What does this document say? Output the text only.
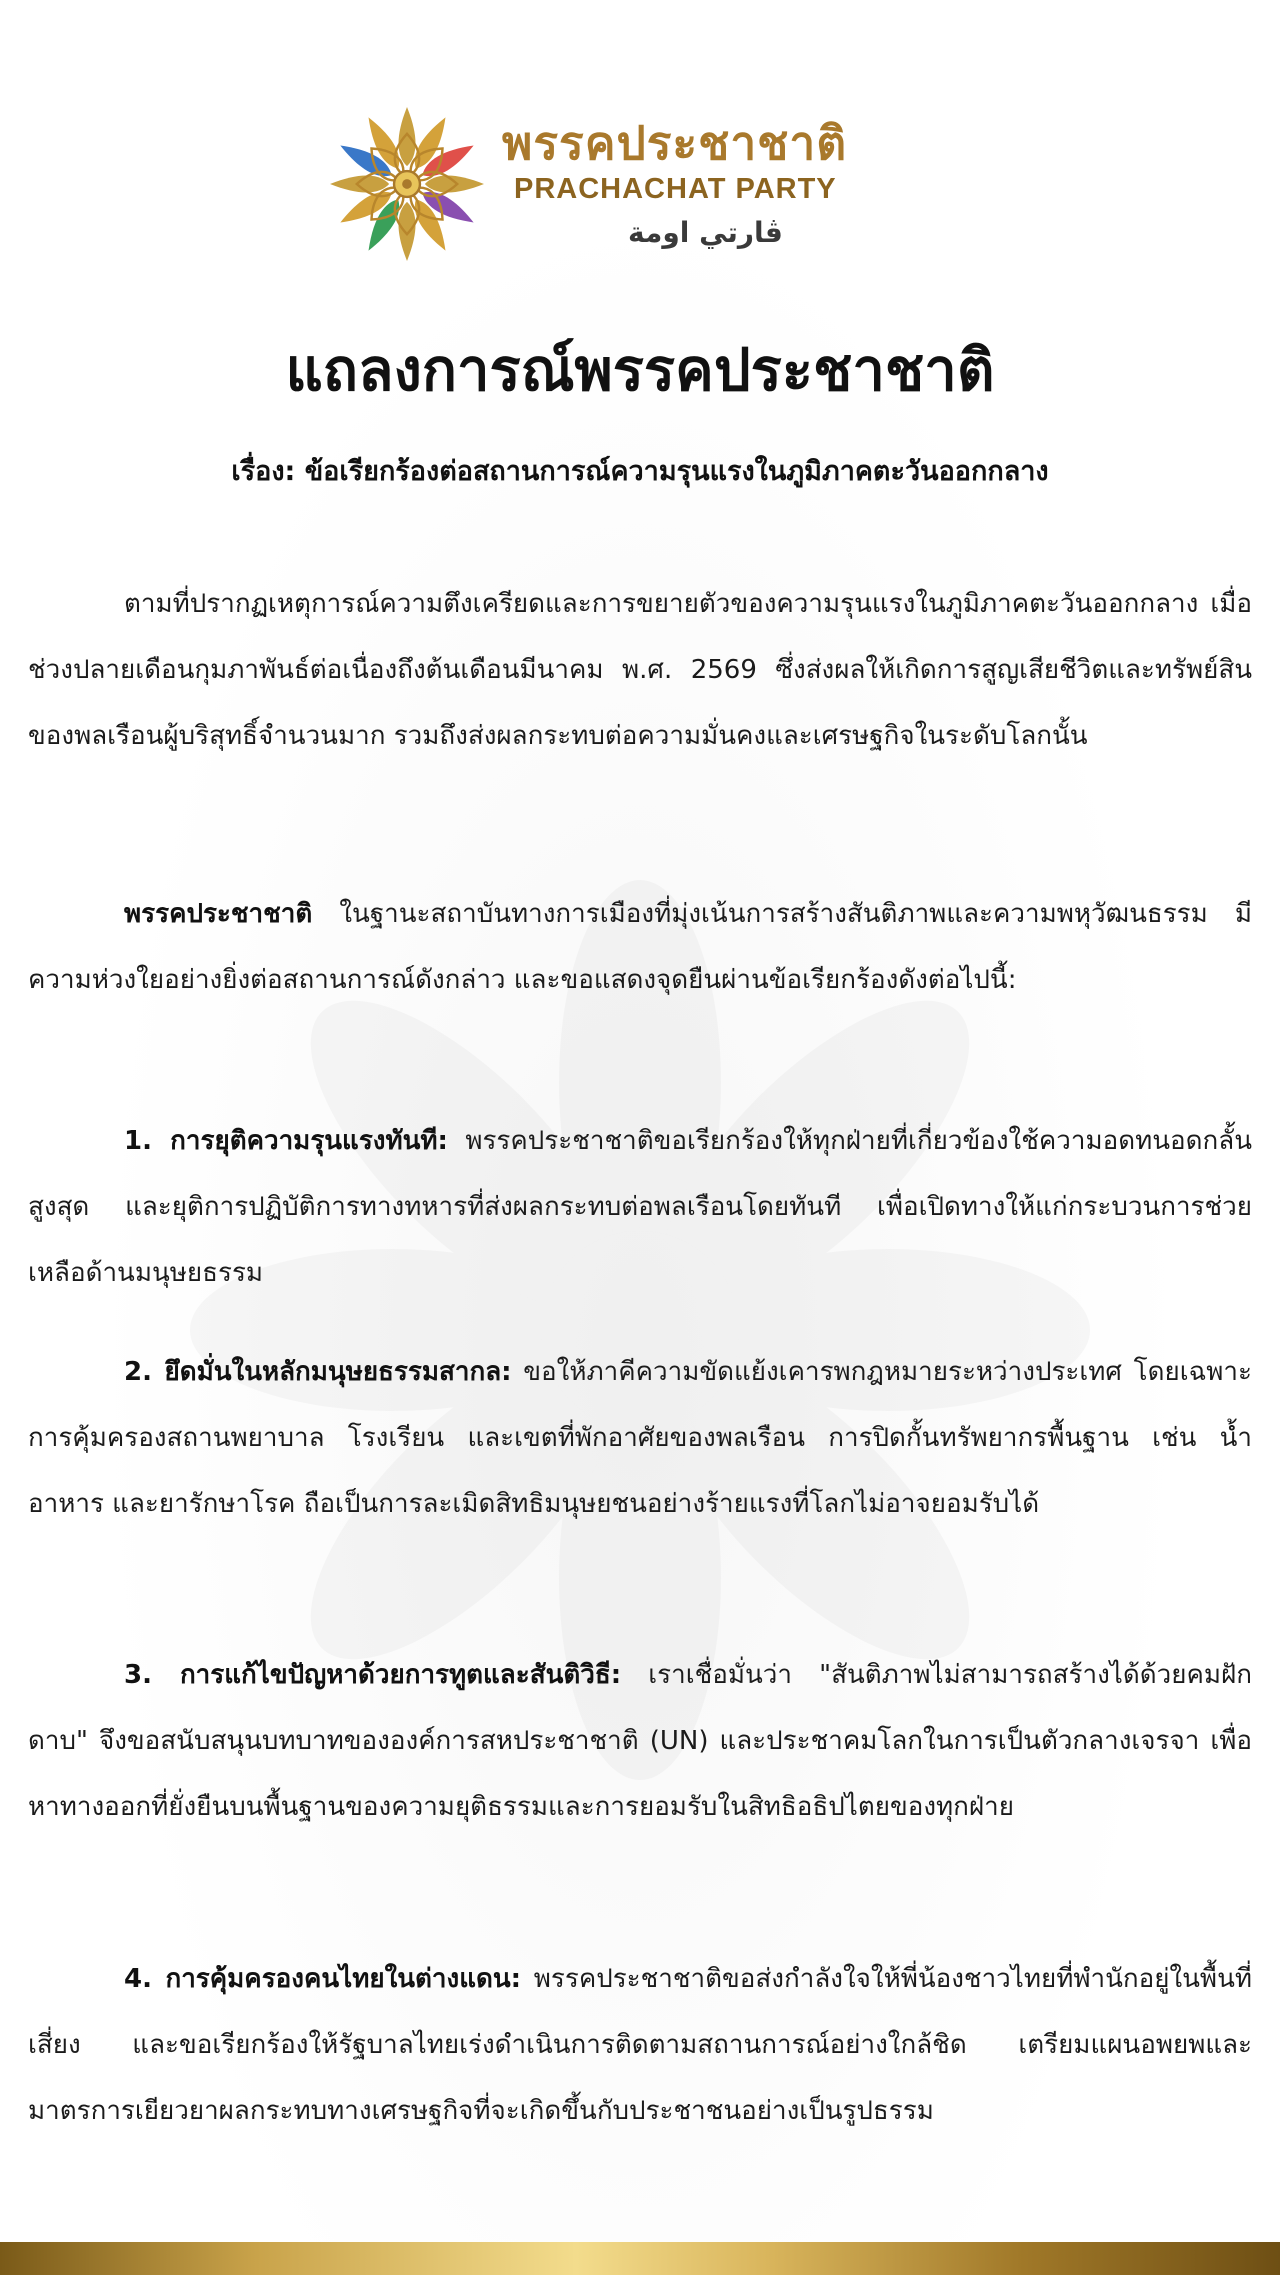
พรรคประชาชาติ
PRACHACHAT PARTY
ڤارتي اومة
แถลงการณ์พรรคประชาชาติ
เรื่อง: ข้อเรียกร้องต่อสถานการณ์ความรุนแรงในภูมิภาคตะวันออกกลาง

ตามที่ปรากฏเหตุการณ์ความตึงเครียดและการขยายตัวของความรุนแรงในภูมิภาคตะวันออกกลาง เมื่อช่วงปลายเดือนกุมภาพันธ์ต่อเนื่องถึงต้นเดือนมีนาคม พ.ศ. 2569 ซึ่งส่งผลให้เกิดการสูญเสียชีวิตและทรัพย์สินของพลเรือนผู้บริสุทธิ์จำนวนมาก รวมถึงส่งผลกระทบต่อความมั่นคงและเศรษฐกิจในระดับโลกนั้น

พรรคประชาชาติ ในฐานะสถาบันทางการเมืองที่มุ่งเน้นการสร้างสันติภาพและความพหุวัฒนธรรม มีความห่วงใยอย่างยิ่งต่อสถานการณ์ดังกล่าว และขอแสดงจุดยืนผ่านข้อเรียกร้องดังต่อไปนี้:

1. การยุติความรุนแรงทันที: พรรคประชาชาติขอเรียกร้องให้ทุกฝ่ายที่เกี่ยวข้องใช้ความอดทนอดกลั้นสูงสุด และยุติการปฏิบัติการทางทหารที่ส่งผลกระทบต่อพลเรือนโดยทันที เพื่อเปิดทางให้แก่กระบวนการช่วยเหลือด้านมนุษยธรรม

2. ยึดมั่นในหลักมนุษยธรรมสากล: ขอให้ภาคีความขัดแย้งเคารพกฎหมายระหว่างประเทศ โดยเฉพาะการคุ้มครองสถานพยาบาล โรงเรียน และเขตที่พักอาศัยของพลเรือน การปิดกั้นทรัพยากรพื้นฐาน เช่น น้ำ อาหาร และยารักษาโรค ถือเป็นการละเมิดสิทธิมนุษยชนอย่างร้ายแรงที่โลกไม่อาจยอมรับได้

3. การแก้ไขปัญหาด้วยการทูตและสันติวิธี: เราเชื่อมั่นว่า "สันติภาพไม่สามารถสร้างได้ด้วยคมฝักดาบ" จึงขอสนับสนุนบทบาทขององค์การสหประชาชาติ (UN) และประชาคมโลกในการเป็นตัวกลางเจรจา เพื่อหาทางออกที่ยั่งยืนบนพื้นฐานของความยุติธรรมและการยอมรับในสิทธิอธิปไตยของทุกฝ่าย

4. การคุ้มครองคนไทยในต่างแดน: พรรคประชาชาติขอส่งกำลังใจให้พี่น้องชาวไทยที่พำนักอยู่ในพื้นที่เสี่ยง และขอเรียกร้องให้รัฐบาลไทยเร่งดำเนินการติดตามสถานการณ์อย่างใกล้ชิด เตรียมแผนอพยพและมาตรการเยียวยาผลกระทบทางเศรษฐกิจที่จะเกิดขึ้นกับประชาชนอย่างเป็นรูปธรรม
